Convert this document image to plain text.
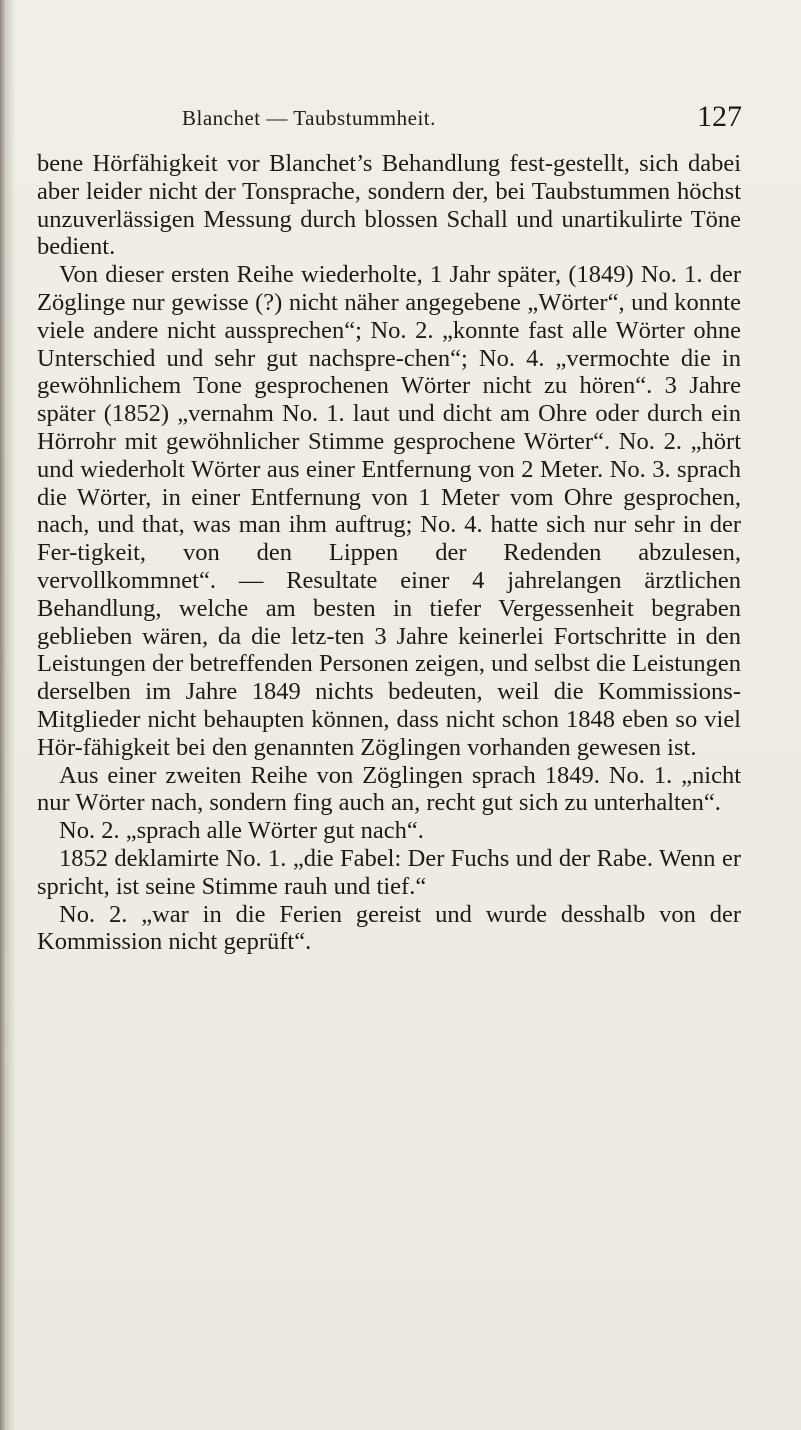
Blanchet — Taubstummheit.	127

bene Hörfähigkeit vor Blanchet’s Behandlung fest-gestellt, sich dabei aber leider nicht der Tonsprache, sondern der, bei Taubstummen höchst unzuverlässigen Messung durch blossen Schall und unartikulirte Töne bedient.

Von dieser ersten Reihe wiederholte, 1 Jahr später, (1849) No. 1. der Zöglinge nur gewisse (?) nicht näher angegebene „Wörter“, und konnte viele andere nicht aussprechen“; No. 2. „konnte fast alle Wörter ohne Unterschied und sehr gut nachspre-chen“; No. 4. „vermochte die in gewöhnlichem Tone gesprochenen Wörter nicht zu hören“. 3 Jahre später (1852) „vernahm No. 1. laut und dicht am Ohre oder durch ein Hörrohr mit gewöhnlicher Stimme gesprochene Wörter“. No. 2. „hört und wiederholt Wörter aus einer Entfernung von 2 Meter. No. 3. sprach die Wörter, in einer Entfernung von 1 Meter vom Ohre gesprochen, nach, und that, was man ihm auftrug; No. 4. hatte sich nur sehr in der Fer-tigkeit, von den Lippen der Redenden abzulesen, vervollkommnet“. — Resultate einer 4 jahrelangen ärztlichen Behandlung, welche am besten in tiefer Vergessenheit begraben geblieben wären, da die letz-ten 3 Jahre keinerlei Fortschritte in den Leistungen der betreffenden Personen zeigen, und selbst die Leistungen derselben im Jahre 1849 nichts bedeuten, weil die Kommissions-Mitglieder nicht behaupten können, dass nicht schon 1848 eben so viel Hör-fähigkeit bei den genannten Zöglingen vorhanden gewesen ist.

Aus einer zweiten Reihe von Zöglingen sprach 1849. No. 1. „nicht nur Wörter nach, sondern fing auch an, recht gut sich zu unterhalten“.

No. 2. „sprach alle Wörter gut nach“.

1852 deklamirte No. 1. „die Fabel: Der Fuchs und der Rabe. Wenn er spricht, ist seine Stimme rauh und tief.“

No. 2. „war in die Ferien gereist und wurde desshalb von der Kommission nicht geprüft“.
